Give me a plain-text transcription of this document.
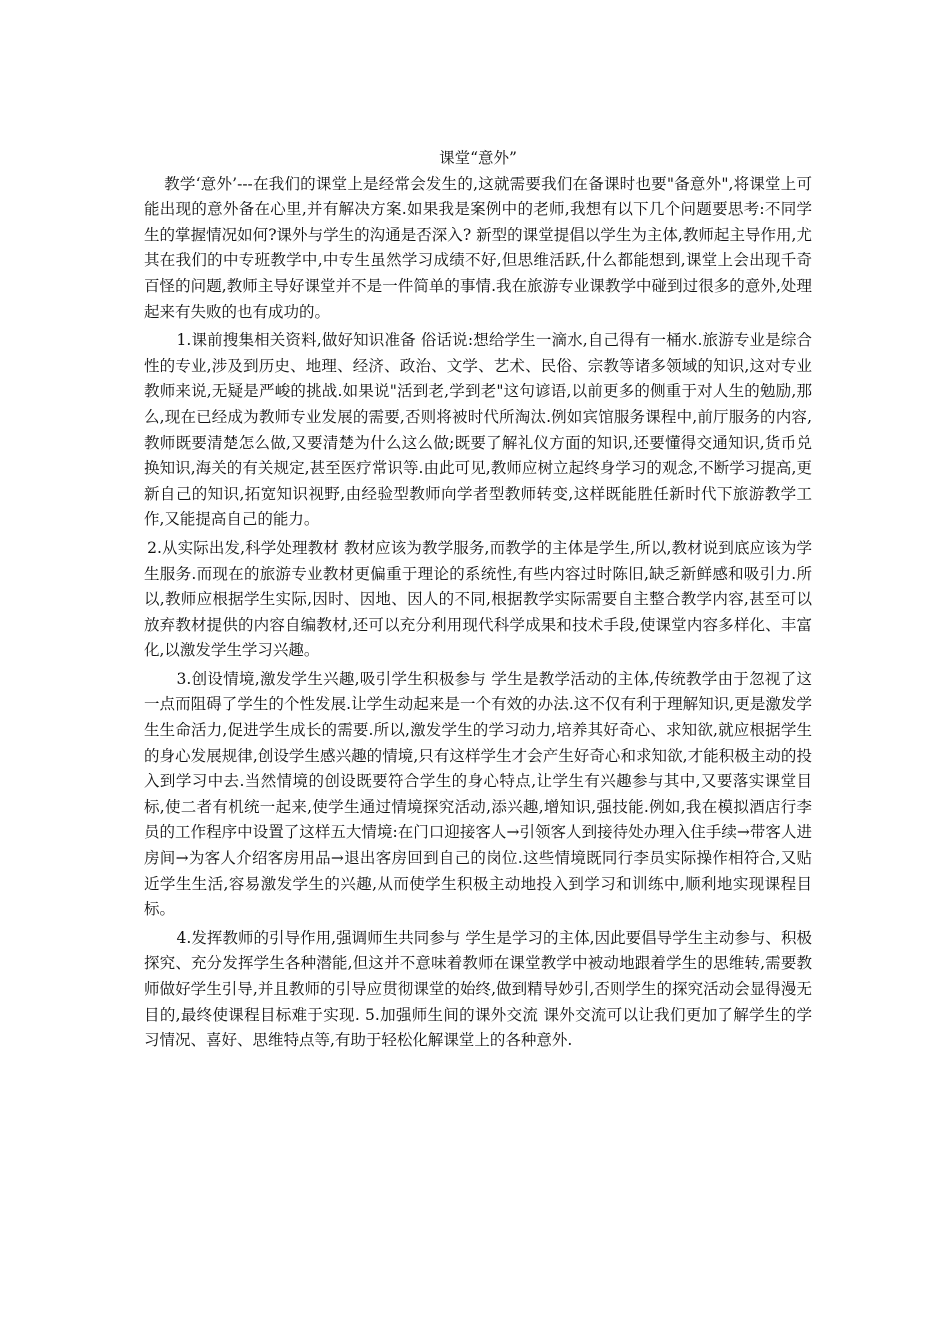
课堂“意外”

教学‘意外’---在我们的课堂上是经常会发生的,这就需要我们在备课时也要"备意外",将课堂上可能出现的意外备在心里,并有解决方案.如果我是案例中的老师,我想有以下几个问题要思考:不同学生的掌握情况如何?课外与学生的沟通是否深入? 新型的课堂提倡以学生为主体,教师起主导作用,尤其在我们的中专班教学中,中专生虽然学习成绩不好,但思维活跃,什么都能想到,课堂上会出现千奇百怪的问题,教师主导好课堂并不是一件简单的事情.我在旅游专业课教学中碰到过很多的意外,处理起来有失败的也有成功的。

1.课前搜集相关资料,做好知识准备 俗话说:想给学生一滴水,自己得有一桶水.旅游专业是综合性的专业,涉及到历史、地理、经济、政治、文学、艺术、民俗、宗教等诸多领域的知识,这对专业教师来说,无疑是严峻的挑战.如果说"活到老,学到老"这句谚语,以前更多的侧重于对人生的勉励,那么,现在已经成为教师专业发展的需要,否则将被时代所淘汰.例如宾馆服务课程中,前厅服务的内容,教师既要清楚怎么做,又要清楚为什么这么做;既要了解礼仪方面的知识,还要懂得交通知识,货币兑换知识,海关的有关规定,甚至医疗常识等.由此可见,教师应树立起终身学习的观念,不断学习提高,更新自己的知识,拓宽知识视野,由经验型教师向学者型教师转变,这样既能胜任新时代下旅游教学工作,又能提高自己的能力。

2.从实际出发,科学处理教材 教材应该为教学服务,而教学的主体是学生,所以,教材说到底应该为学生服务.而现在的旅游专业教材更偏重于理论的系统性,有些内容过时陈旧,缺乏新鲜感和吸引力.所以,教师应根据学生实际,因时、因地、因人的不同,根据教学实际需要自主整合教学内容,甚至可以放弃教材提供的内容自编教材,还可以充分利用现代科学成果和技术手段,使课堂内容多样化、丰富化,以激发学生学习兴趣。

3.创设情境,激发学生兴趣,吸引学生积极参与 学生是教学活动的主体,传统教学由于忽视了这一点而阻碍了学生的个性发展.让学生动起来是一个有效的办法.这不仅有利于理解知识,更是激发学生生命活力,促进学生成长的需要.所以,激发学生的学习动力,培养其好奇心、求知欲,就应根据学生的身心发展规律,创设学生感兴趣的情境,只有这样学生才会产生好奇心和求知欲,才能积极主动的投入到学习中去.当然情境的创设既要符合学生的身心特点,让学生有兴趣参与其中,又要落实课堂目标,使二者有机统一起来,使学生通过情境探究活动,添兴趣,增知识,强技能.例如,我在模拟酒店行李员的工作程序中设置了这样五大情境:在门口迎接客人→引领客人到接待处办理入住手续→带客人进房间→为客人介绍客房用品→退出客房回到自己的岗位.这些情境既同行李员实际操作相符合,又贴近学生生活,容易激发学生的兴趣,从而使学生积极主动地投入到学习和训练中,顺利地实现课程目标。

4.发挥教师的引导作用,强调师生共同参与 学生是学习的主体,因此要倡导学生主动参与、积极探究、充分发挥学生各种潜能,但这并不意味着教师在课堂教学中被动地跟着学生的思维转,需要教师做好学生引导,并且教师的引导应贯彻课堂的始终,做到精导妙引,否则学生的探究活动会显得漫无目的,最终使课程目标难于实现. 5.加强师生间的课外交流 课外交流可以让我们更加了解学生的学习情况、喜好、思维特点等,有助于轻松化解课堂上的各种意外.
